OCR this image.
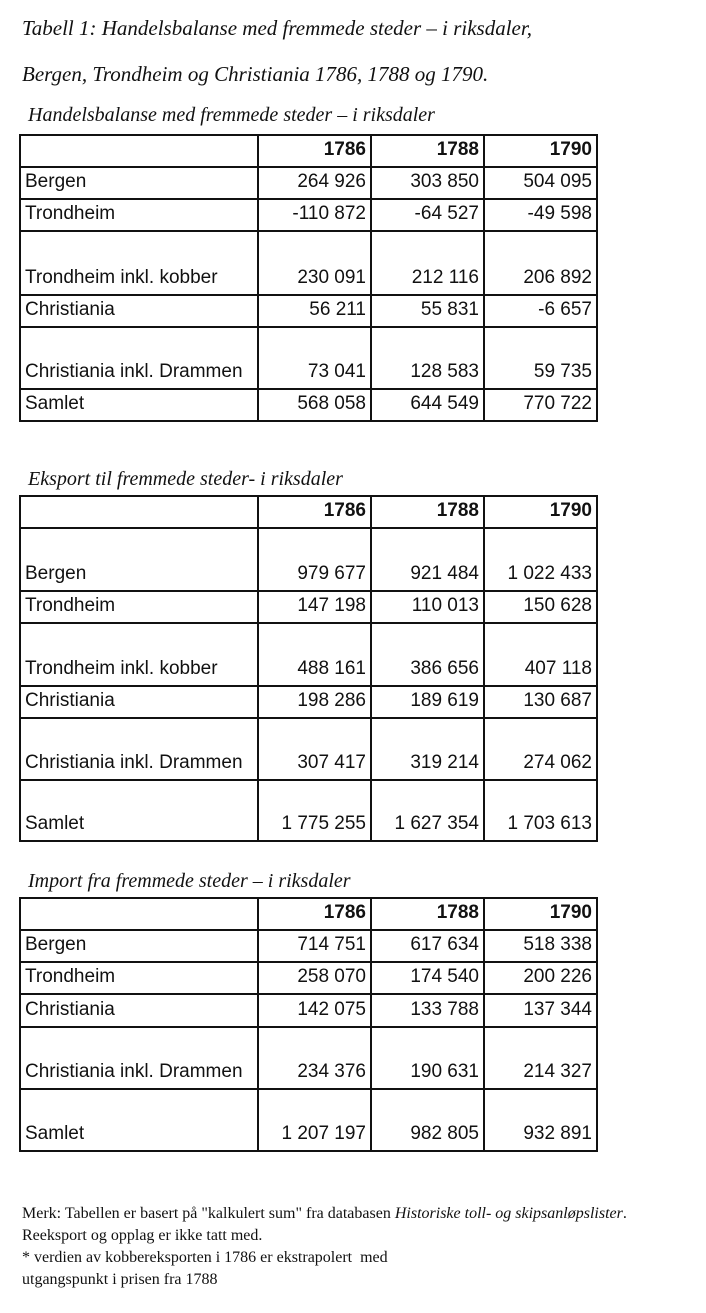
Tabell 1: Handelsbalanse med fremmede steder – i riksdaler,
Bergen, Trondheim og Christiania 1786, 1788 og 1790.
Handelsbalanse med fremmede steder – i riksdaler
	1786	1788	1790
Bergen	264 926	303 850	504 095
Trondheim	-110 872	-64 527	-49 598
Trondheim inkl. kobber	230 091	212 116	206 892
Christiania	56 211	55 831	-6 657
Christiania inkl. Drammen	73 041	128 583	59 735
Samlet	568 058	644 549	770 722
Eksport til fremmede steder- i riksdaler
	1786	1788	1790
Bergen	979 677	921 484	1 022 433
Trondheim	147 198	110 013	150 628
Trondheim inkl. kobber	488 161	386 656	407 118
Christiania	198 286	189 619	130 687
Christiania inkl. Drammen	307 417	319 214	274 062
Samlet	1 775 255	1 627 354	1 703 613
Import fra fremmede steder – i riksdaler
	1786	1788	1790
Bergen	714 751	617 634	518 338
Trondheim	258 070	174 540	200 226
Christiania	142 075	133 788	137 344
Christiania inkl. Drammen	234 376	190 631	214 327
Samlet	1 207 197	982 805	932 891
Merk: Tabellen er basert på "kalkulert sum" fra databasen Historiske toll- og skipsanløpslister. Reeksport og opplag er ikke tatt med.
* verdien av kobbereksporten i 1786 er ekstrapolert  med
utgangspunkt i prisen fra 1788
